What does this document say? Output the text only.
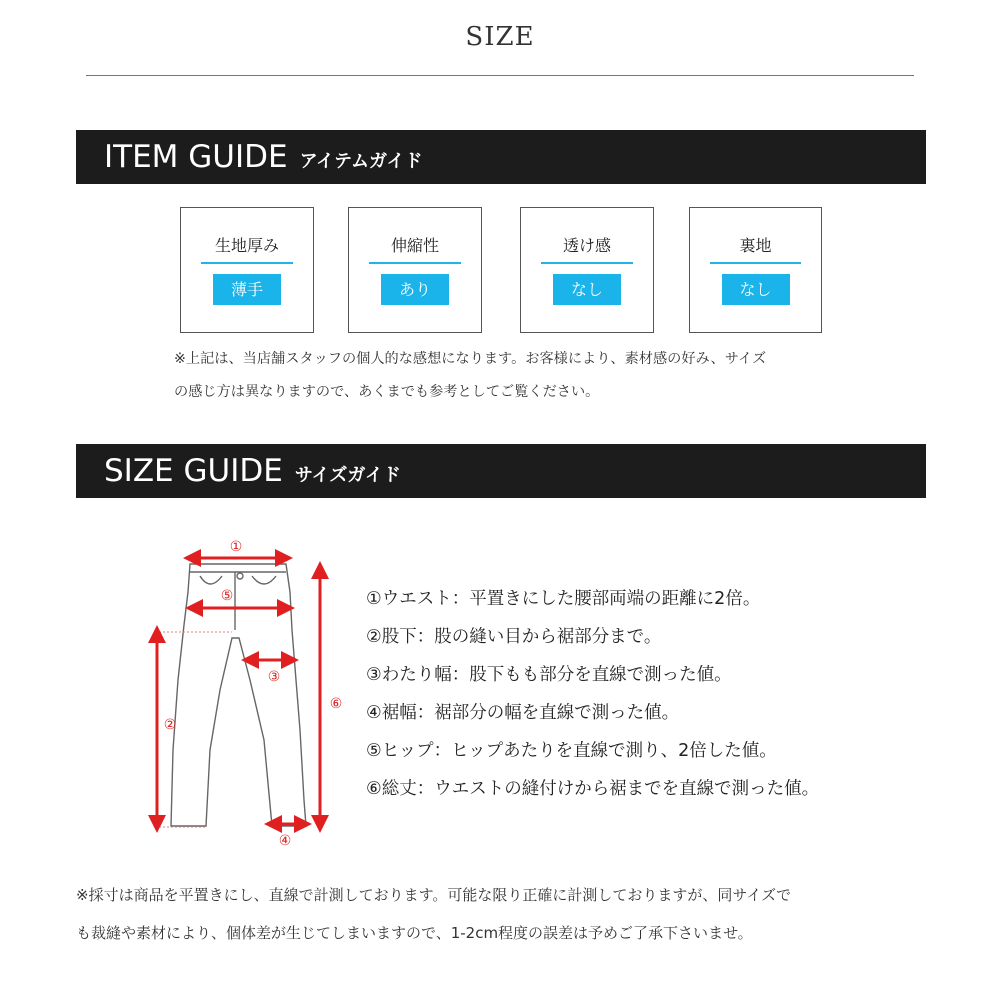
SIZE
ITEM GUIDE アイテムガイド
生地厚み
薄手
伸縮性
あり
透け感
なし
裏地
なし
※上記は、当店舗スタッフの個人的な感想になります。お客様により、素材感の好み、サイズ
の感じ方は異なりますので、あくまでも参考としてご覧ください。
SIZE GUIDE サイズガイド
①
⑤
②
③
⑥
④
①ウエスト：平置きにした腰部両端の距離に2倍。
②股下：股の縫い目から裾部分まで。
③わたり幅：股下もも部分を直線で測った値。
④裾幅：裾部分の幅を直線で測った値。
⑤ヒップ：ヒップあたりを直線で測り、2倍した値。
⑥総丈：ウエストの縫付けから裾までを直線で測った値。
※採寸は商品を平置きにし、直線で計測しております。可能な限り正確に計測しておりますが、同サイズで
も裁縫や素材により、個体差が生じてしまいますので、1-2cm程度の誤差は予めご了承下さいませ。
